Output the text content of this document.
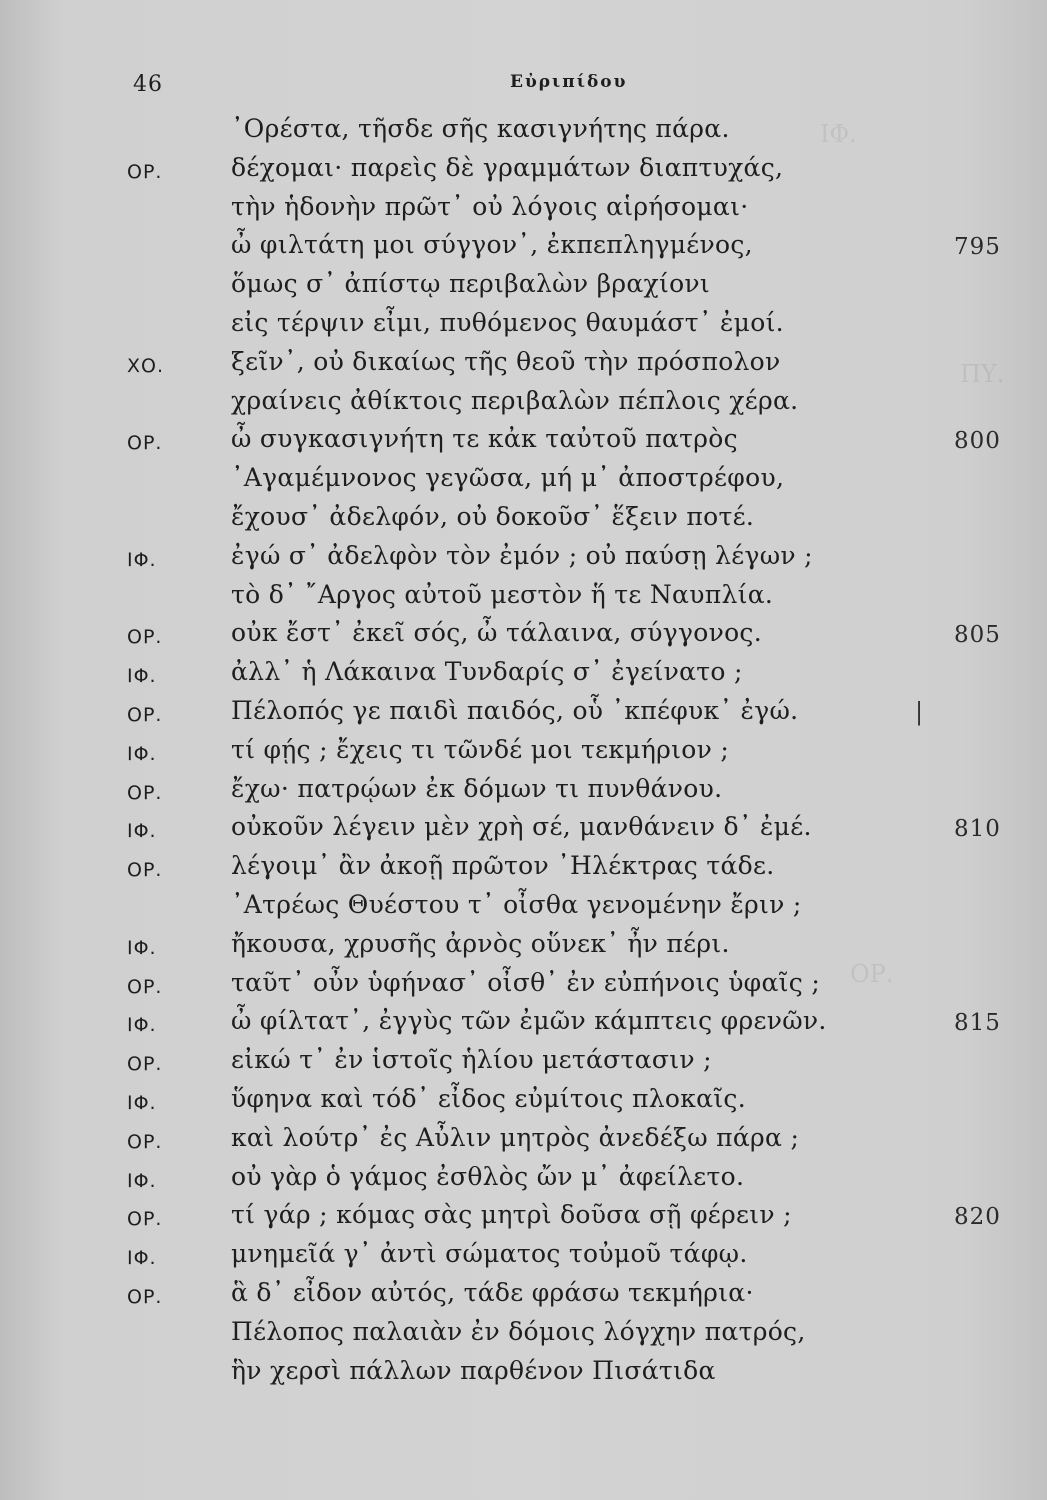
ΙΦ.
ΠΥ.
ΟΡ.
46	Εὐριπίδου
᾿Ορέστα, τῆσδε σῆς κασιγνήτης πάρα.
ΟΡ.	δέχομαι· παρεὶς δὲ γραμμάτων διαπτυχάς,
τὴν ἡδονὴν πρῶτ᾿ οὐ λόγοις αἱρήσομαι·
ὦ φιλτάτη μοι σύγγον᾿, ἐκπεπληγμένος,	795
ὅμως σ᾿ ἀπίστῳ περιβαλὼν βραχίονι
εἰς τέρψιν εἶμι, πυθόμενος θαυμάστ᾿ ἐμοί.
ΧΟ.	ξεῖν᾿, οὐ δικαίως τῆς θεοῦ τὴν πρόσπολον
χραίνεις ἀθίκτοις περιβαλὼν πέπλοις χέρα.
ΟΡ.	ὦ συγκασιγνήτη τε κἀκ ταὐτοῦ πατρὸς	800
᾿Αγαμέμνονος γεγῶσα, μή μ᾿ ἀποστρέφου,
ἔχουσ᾿ ἀδελφόν, οὐ δοκοῦσ᾿ ἕξειν ποτέ.
ΙΦ.	ἐγώ σ᾿ ἀδελφὸν τὸν ἐμόν ; οὐ παύσῃ λέγων ;
τὸ δ᾿ ῎Αργος αὐτοῦ μεστὸν ἥ τε Ναυπλία.
ΟΡ.	οὐκ ἔστ᾿ ἐκεῖ σός, ὦ τάλαινα, σύγγονος.	805
ΙΦ.	ἀλλ᾿ ἡ Λάκαινα Τυνδαρίς σ᾿ ἐγείνατο ;
ΟΡ.	Πέλοπός γε παιδὶ παιδός, οὗ ᾿κπέφυκ᾿ ἐγώ.	|
ΙΦ.	τί φῄς ; ἔχεις τι τῶνδέ μοι τεκμήριον ;
ΟΡ.	ἔχω· πατρῴων ἐκ δόμων τι πυνθάνου.
ΙΦ.	οὐκοῦν λέγειν μὲν χρὴ σέ, μανθάνειν δ᾿ ἐμέ.	810
ΟΡ.	λέγοιμ᾿ ἂν ἀκοῇ πρῶτον ᾿Ηλέκτρας τάδε.
᾿Ατρέως Θυέστου τ᾿ οἶσθα γενομένην ἔριν ;
ΙΦ.	ἤκουσα, χρυσῆς ἀρνὸς οὕνεκ᾿ ἦν πέρι.
ΟΡ.	ταῦτ᾿ οὖν ὑφήνασ᾿ οἶσθ᾿ ἐν εὐπήνοις ὑφαῖς ;
ΙΦ.	ὦ φίλτατ᾿, ἐγγὺς τῶν ἐμῶν κάμπτεις φρενῶν.	815
ΟΡ.	εἰκώ τ᾿ ἐν ἱστοῖς ἡλίου μετάστασιν ;
ΙΦ.	ὕφηνα καὶ τόδ᾿ εἶδος εὐμίτοις πλοκαῖς.
ΟΡ.	καὶ λούτρ᾿ ἐς Αὖλιν μητρὸς ἀνεδέξω πάρα ;
ΙΦ.	οὐ γὰρ ὁ γάμος ἐσθλὸς ὤν μ᾿ ἀφείλετο.
ΟΡ.	τί γάρ ; κόμας σὰς μητρὶ δοῦσα σῇ φέρειν ;	820
ΙΦ.	μνημεῖά γ᾿ ἀντὶ σώματος τοὐμοῦ τάφῳ.
ΟΡ.	ἃ δ᾿ εἶδον αὐτός, τάδε φράσω τεκμήρια·
Πέλοπος παλαιὰν ἐν δόμοις λόγχην πατρός,
ἣν χερσὶ πάλλων παρθένον Πισάτιδα
